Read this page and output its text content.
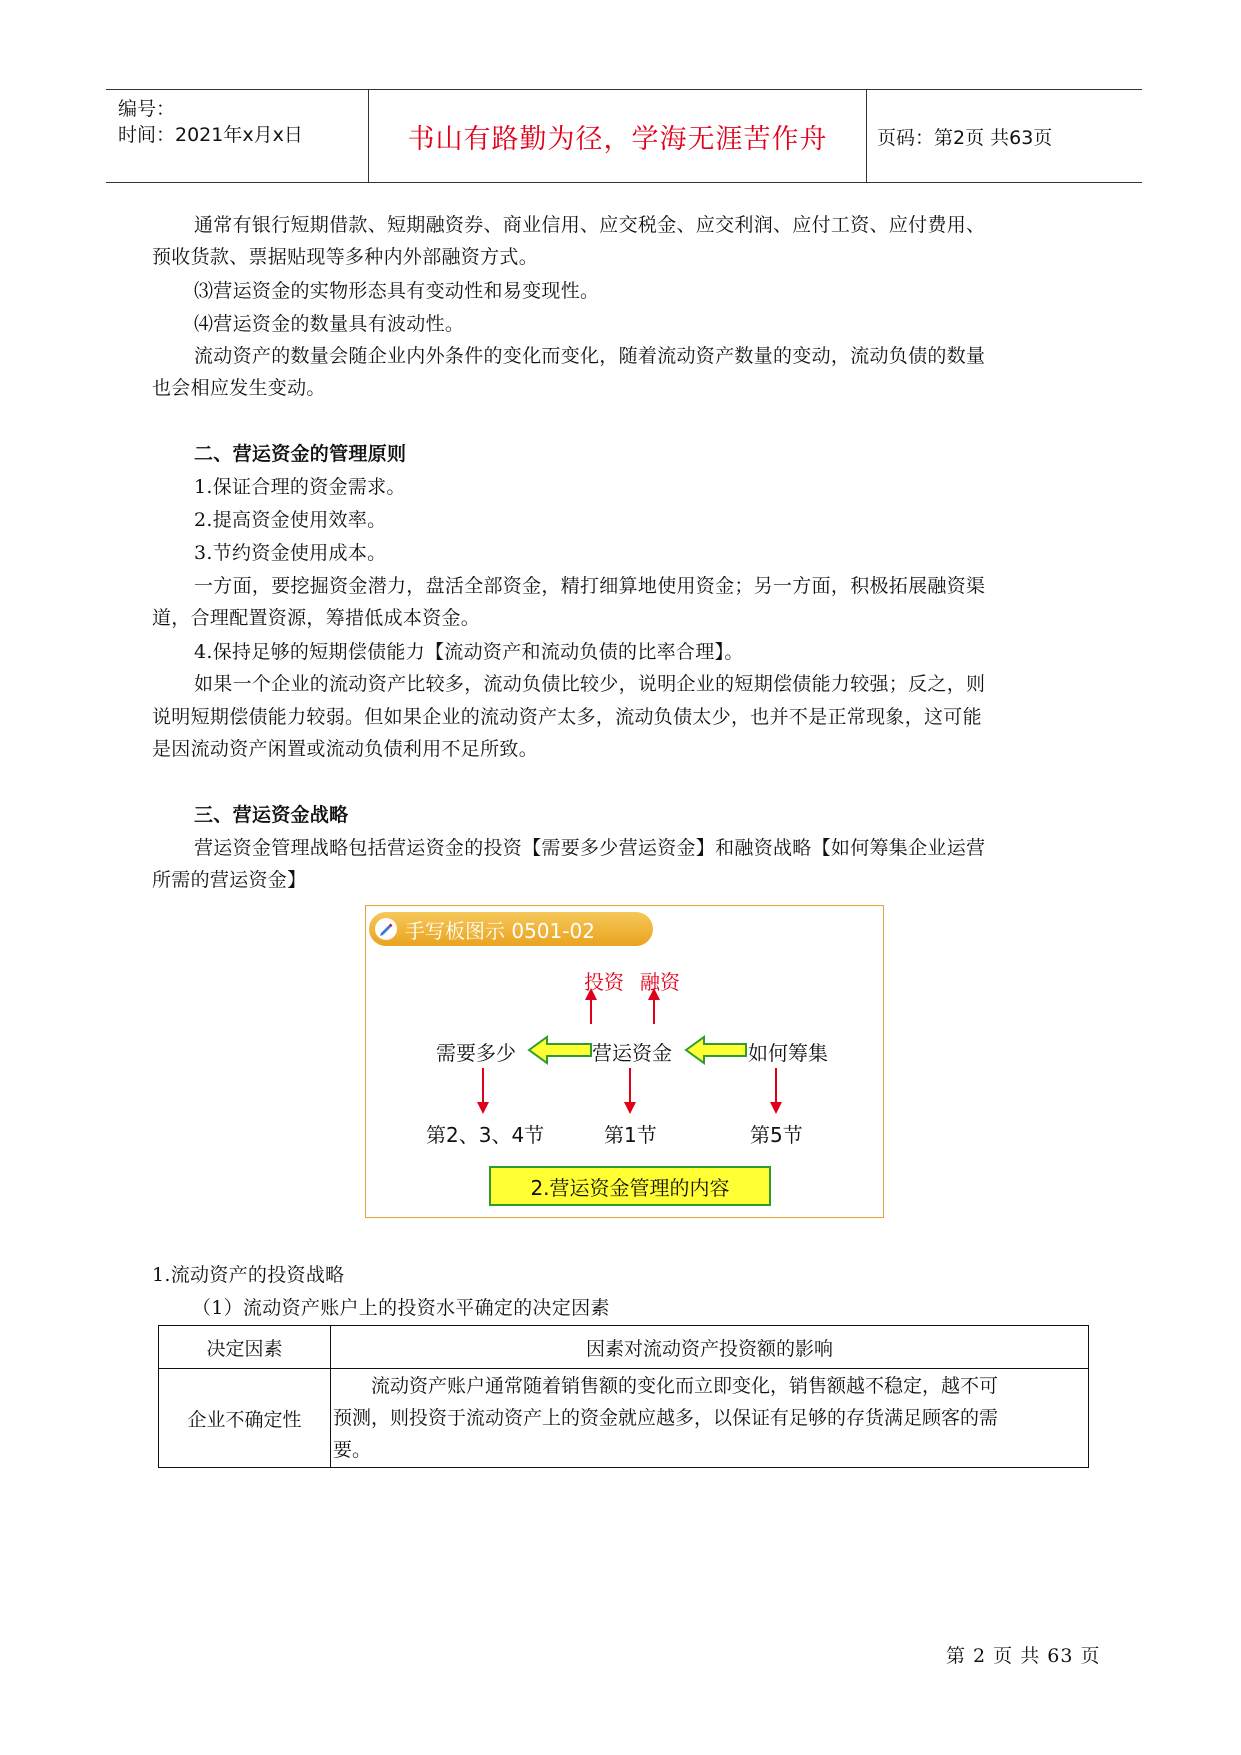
编号：
时间：2021年x月x日	书山有路勤为径，学海无涯苦作舟	页码：第2页 共63页

通常有银行短期借款、短期融资券、商业信用、应交税金、应交利润、应付工资、应付费用、

预收货款、票据贴现等多种内外部融资方式。

⑶营运资金的实物形态具有变动性和易变现性。

⑷营运资金的数量具有波动性。

流动资产的数量会随企业内外条件的变化而变化，随着流动资产数量的变动，流动负债的数量

也会相应发生变动。

二、营运资金的管理原则

1.保证合理的资金需求。

2.提高资金使用效率。

3.节约资金使用成本。

一方面，要挖掘资金潜力，盘活全部资金，精打细算地使用资金；另一方面，积极拓展融资渠

道，合理配置资源，筹措低成本资金。

4.保持足够的短期偿债能力【流动资产和流动负债的比率合理】。

如果一个企业的流动资产比较多，流动负债比较少，说明企业的短期偿债能力较强；反之，则

说明短期偿债能力较弱。但如果企业的流动资产太多，流动负债太少，也并不是正常现象，这可能

是因流动资产闲置或流动负债利用不足所致。

三、营运资金战略

营运资金管理战略包括营运资金的投资【需要多少营运资金】和融资战略【如何筹集企业运营

所需的营运资金】

手写板图示 0501-02
投资 融资
需要多少	营运资金	如何筹集
第2、3、4节	第1节	第5节
2.营运资金管理的内容

1.流动资产的投资战略

（1）流动资产账户上的投资水平确定的决定因素

决定因素	因素对流动资产投资额的影响
企业不确定性	流动资产账户通常随着销售额的变化而立即变化，销售额越不稳定，越不可
预测，则投资于流动资产上的资金就应越多，以保证有足够的存货满足顾客的需
要。
第 2 页 共 63 页
